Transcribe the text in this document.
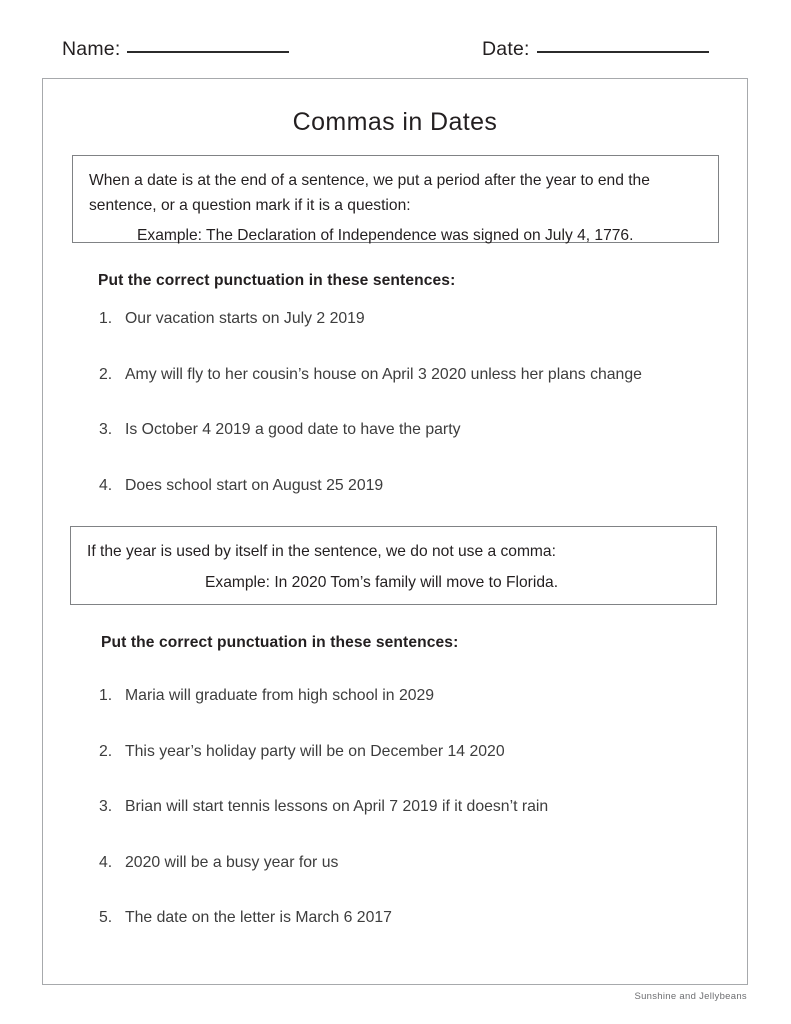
Name:	Date:
Commas in Dates

When a date is at the end of a sentence, we put a period after the year to end the sentence, or a question mark if it is a question:

Example: The Declaration of Independence was signed on July 4, 1776.

Put the correct punctuation in these sentences:
1. Our vacation starts on July 2 2019
2. Amy will fly to her cousin’s house on April 3 2020 unless her plans change
3. Is October 4 2019 a good date to have the party
4. Does school start on August 25 2019

If the year is used by itself in the sentence, we do not use a comma:

Example: In 2020 Tom’s family will move to Florida.

Put the correct punctuation in these sentences:
1. Maria will graduate from high school in 2029
2. This year’s holiday party will be on December 14 2020
3. Brian will start tennis lessons on April 7 2019 if it doesn’t rain
4. 2020 will be a busy year for us
5. The date on the letter is March 6 2017
Sunshine and Jellybeans
